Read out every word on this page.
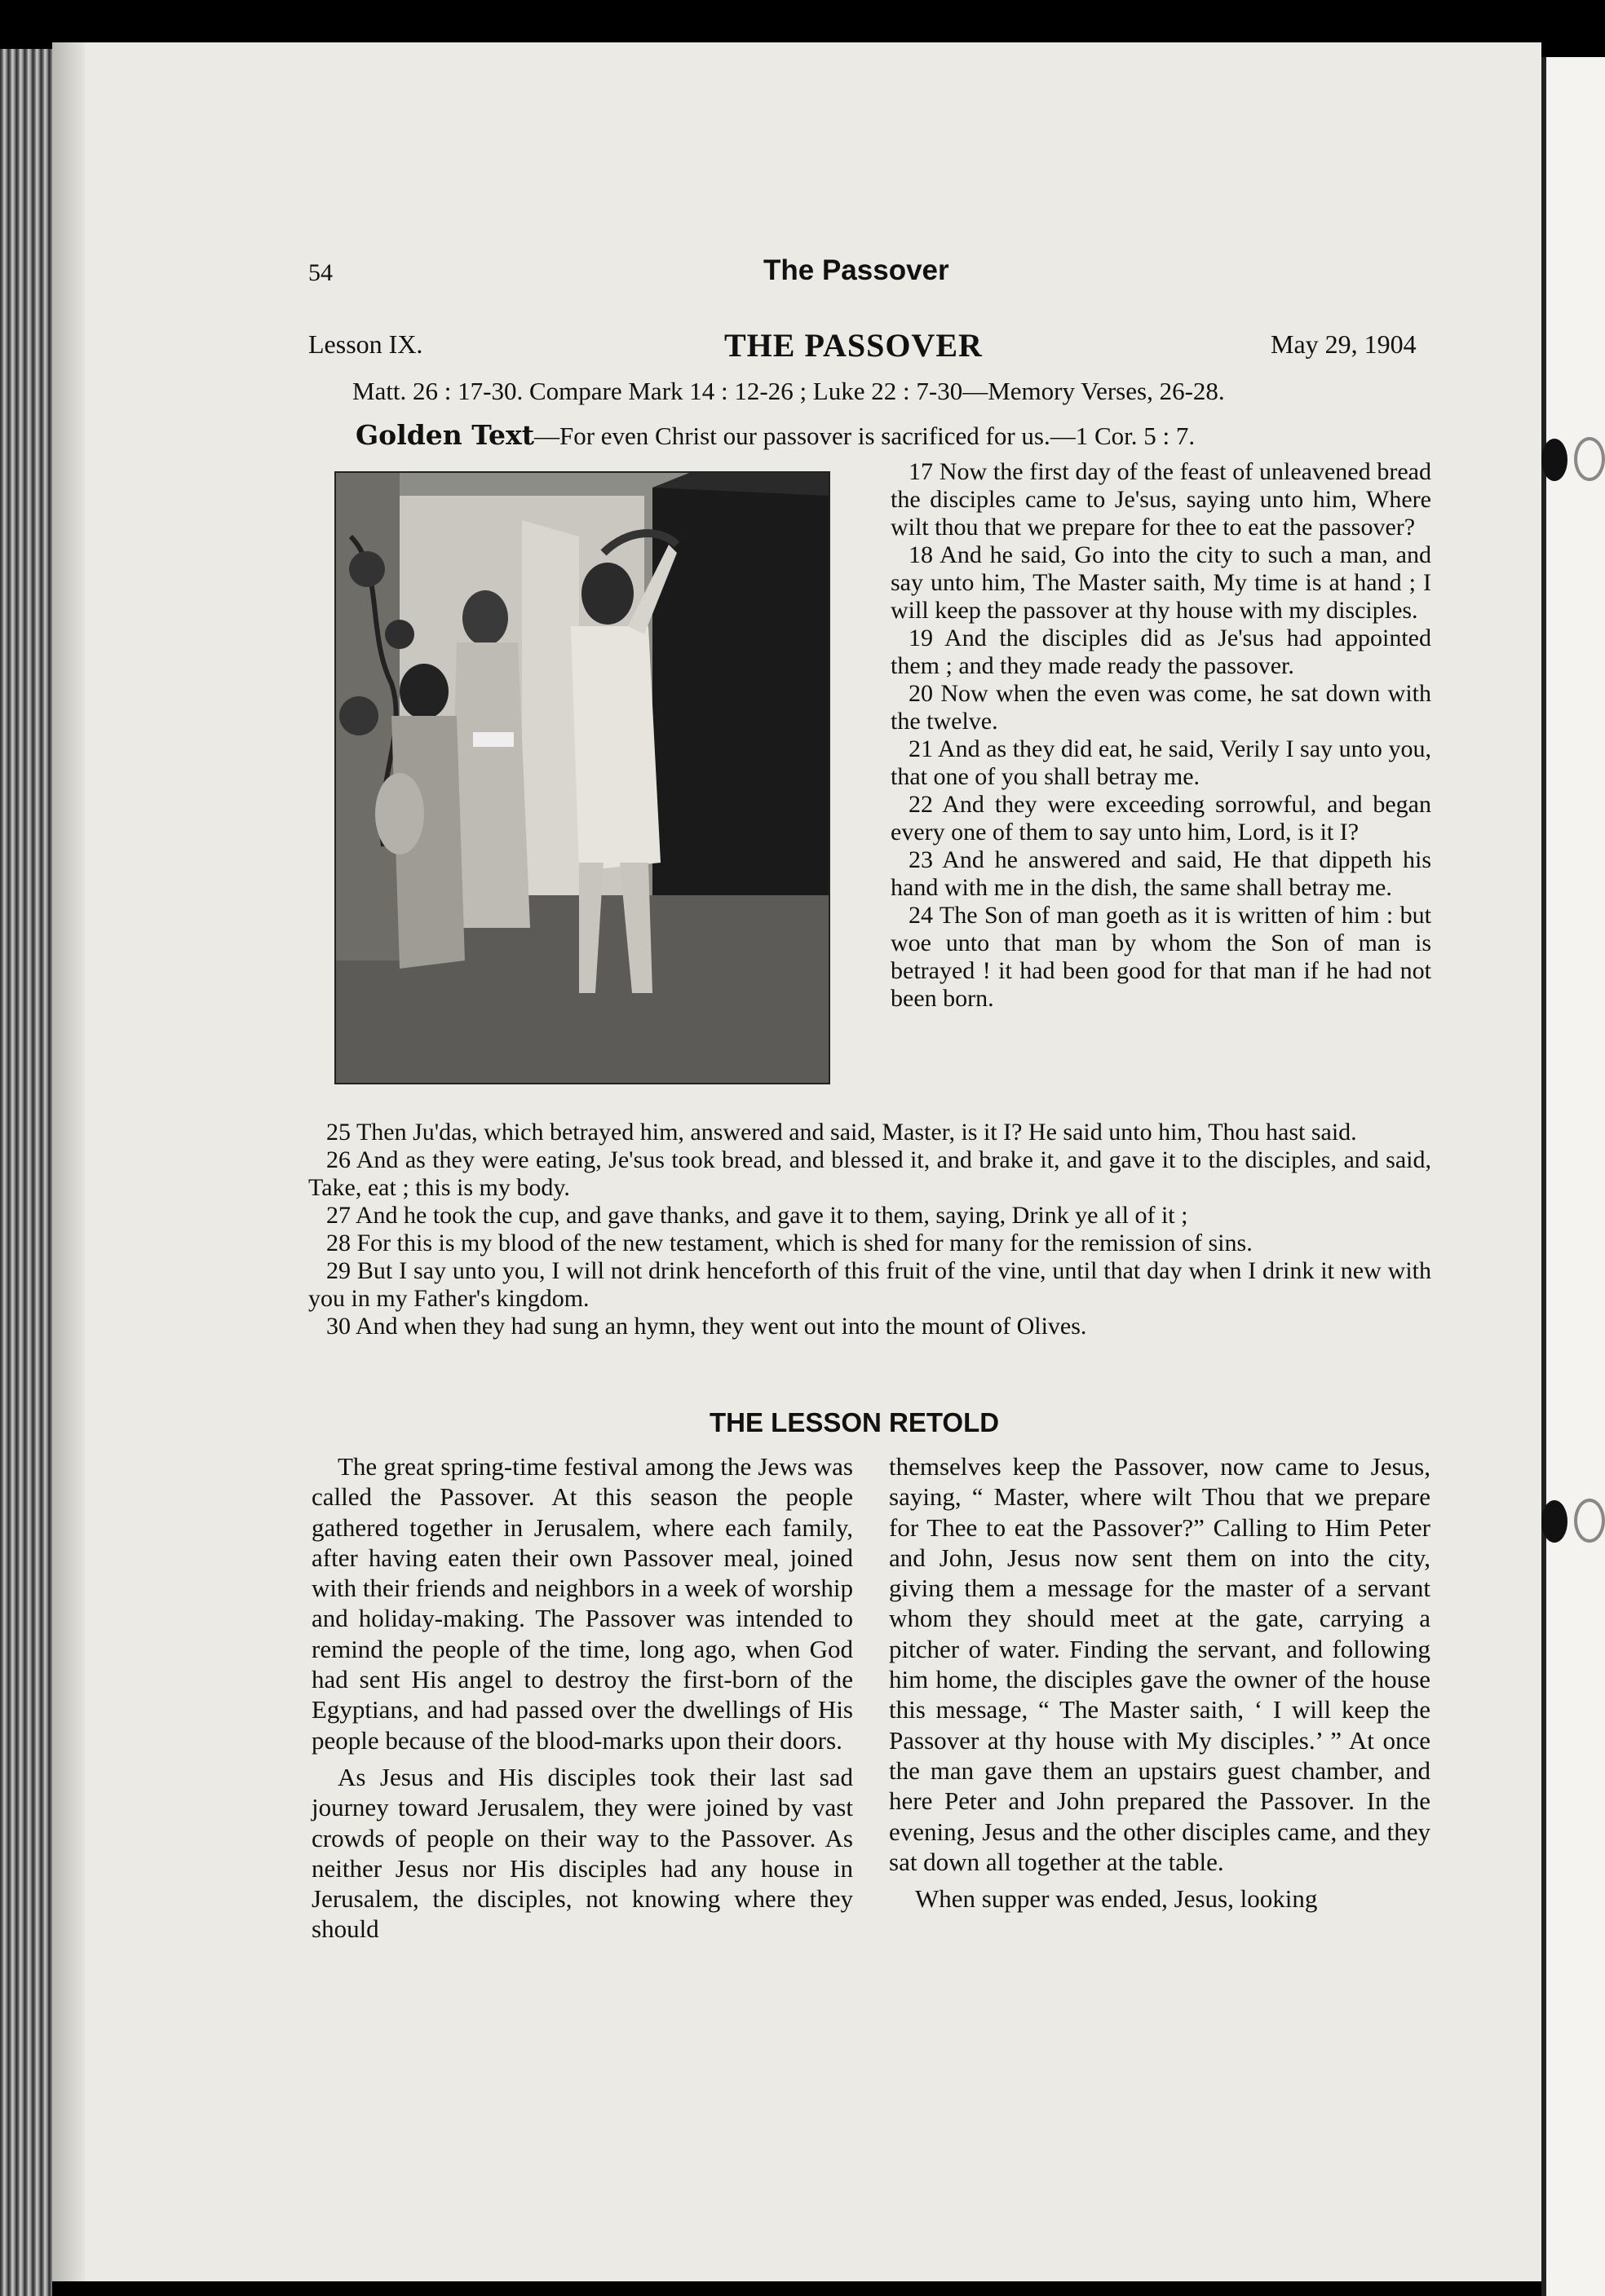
54	The Passover
Lesson IX.	THE PASSOVER	May 29, 1904
Matt. 26 : 17-30. Compare Mark 14 : 12-26 ; Luke 22 : 7-30—Memory Verses, 26-28.
Golden Text—For even Christ our passover is sacrificed for us.—1 Cor. 5 : 7.

17 Now the first day of the feast of unleavened bread the disciples came to Je'sus, saying unto him, Where wilt thou that we prepare for thee to eat the passover?

18 And he said, Go into the city to such a man, and say unto him, The Master saith, My time is at hand ; I will keep the passover at thy house with my disciples.

19 And the disciples did as Je'sus had appointed them ; and they made ready the passover.

20 Now when the even was come, he sat down with the twelve.

21 And as they did eat, he said, Verily I say unto you, that one of you shall betray me.

22 And they were exceeding sorrowful, and began every one of them to say unto him, Lord, is it I?

23 And he answered and said, He that dippeth his hand with me in the dish, the same shall betray me.

24 The Son of man goeth as it is written of him : but woe unto that man by whom the Son of man is betrayed ! it had been good for that man if he had not been born.

25 Then Ju'das, which betrayed him, answered and said, Master, is it I? He said unto him, Thou hast said.

26 And as they were eating, Je'sus took bread, and blessed it, and brake it, and gave it to the disciples, and said, Take, eat ; this is my body.

27 And he took the cup, and gave thanks, and gave it to them, saying, Drink ye all of it ;

28 For this is my blood of the new testament, which is shed for many for the remission of sins.

29 But I say unto you, I will not drink henceforth of this fruit of the vine, until that day when I drink it new with you in my Father's kingdom.

30 And when they had sung an hymn, they went out into the mount of Olives.

THE LESSON RETOLD

The great spring-time festival among the Jews was called the Passover. At this season the people gathered together in Jerusalem, where each family, after having eaten their own Passover meal, joined with their friends and neighbors in a week of worship and holiday-making. The Passover was intended to remind the people of the time, long ago, when God had sent His angel to destroy the first-born of the Egyptians, and had passed over the dwellings of His people because of the blood-marks upon their doors.

As Jesus and His disciples took their last sad journey toward Jerusalem, they were joined by vast crowds of people on their way to the Passover. As neither Jesus nor His disciples had any house in Jerusalem, the disciples, not knowing where they should

themselves keep the Passover, now came to Jesus, saying, “ Master, where wilt Thou that we prepare for Thee to eat the Passover?” Calling to Him Peter and John, Jesus now sent them on into the city, giving them a message for the master of a servant whom they should meet at the gate, carrying a pitcher of water. Finding the servant, and following him home, the disciples gave the owner of the house this message, “ The Master saith, ‘ I will keep the Passover at thy house with My disciples.’ ” At once the man gave them an upstairs guest chamber, and here Peter and John prepared the Passover. In the evening, Jesus and the other disciples came, and they sat down all together at the table.

When supper was ended, Jesus, looking
